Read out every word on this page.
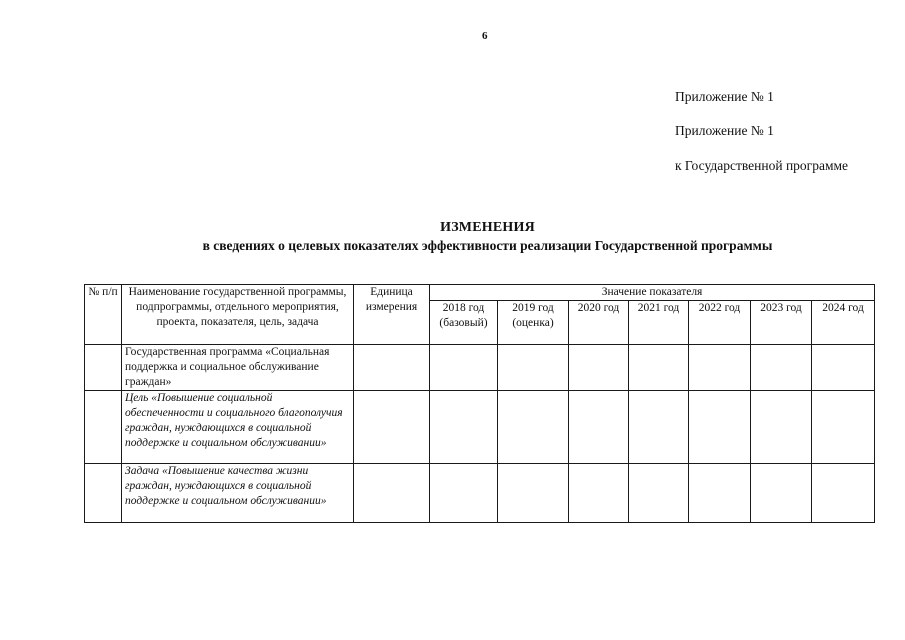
6
Приложение № 1
Приложение № 1
к Государственной программе
ИЗМЕНЕНИЯ
в сведениях о целевых показателях эффективности реализации Государственной программы
№ п/п	Наименование государственной программы, подпрограммы, отдельного мероприятия, проекта, показателя, цель, задача	Единица измерения	Значение показателя						
			2018 год (базовый)	2019 год (оценка)	2020 год	2021 год	2022 год	2023 год	2024 год
	Государственная программа «Социальная поддержка и социальное обслуживание граждан»								
	Цель «Повышение социальной обеспеченности и социального благополучия граждан, нуждающихся в социальной поддержке и социальном обслуживании»								
	Задача «Повышение качества жизни граждан, нуждающихся в социальной поддержке и социальном обслуживании»								
